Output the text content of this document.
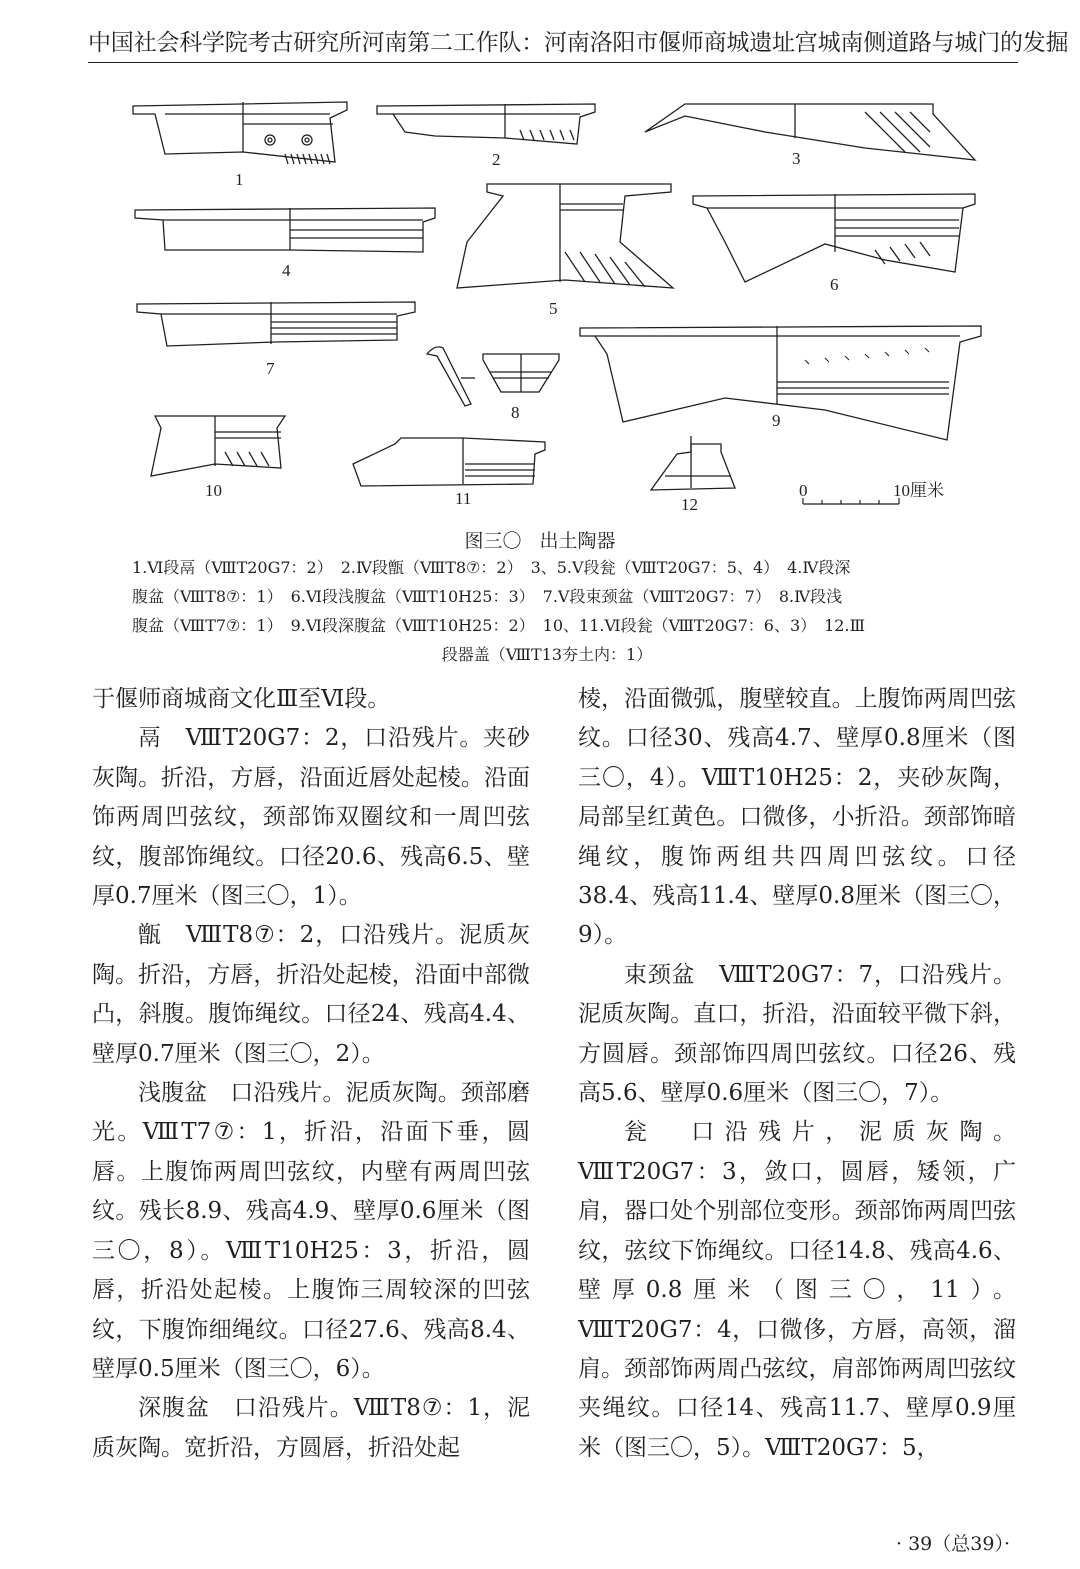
中国社会科学院考古研究所河南第二工作队：河南洛阳市偃师商城遗址宫城南侧道路与城门的发掘
1
2	3
4
5
6
7
8	9
10	11	12
0	10厘米
图三〇 出土陶器
1.Ⅵ段鬲（ⅧT20G7：2）　2.Ⅳ段甑（ⅧT8⑦：2）　3、5.Ⅴ段瓮（ⅧT20G7：5、4）　4.Ⅳ段深
腹盆（ⅧT8⑦：1）　6.Ⅵ段浅腹盆（ⅧT10H25：3）　7.Ⅴ段束颈盆（ⅧT20G7：7）　8.Ⅳ段浅
腹盆（ⅧT7⑦：1）　9.Ⅵ段深腹盆（ⅧT10H25：2）　10、11.Ⅵ段瓮（ⅧT20G7：6、3）　12.Ⅲ
段器盖（ⅧT13夯土内：1）

于偃师商城商文化Ⅲ至Ⅵ段。

鬲　ⅧT20G7：2，口沿残片。夹砂灰陶。折沿，方唇，沿面近唇处起棱。沿面饰两周凹弦纹，颈部饰双圈纹和一周凹弦纹，腹部饰绳纹。口径20.6、残高6.5、壁厚0.7厘米（图三〇，1）。

甑　ⅧT8⑦：2，口沿残片。泥质灰陶。折沿，方唇，折沿处起棱，沿面中部微凸，斜腹。腹饰绳纹。口径24、残高4.4、壁厚0.7厘米（图三〇，2）。

浅腹盆　口沿残片。泥质灰陶。颈部磨光。ⅧT7⑦：1，折沿，沿面下垂，圆唇。上腹饰两周凹弦纹，内壁有两周凹弦纹。残长8.9、残高4.9、壁厚0.6厘米（图三〇，8）。ⅧT10H25：3，折沿，圆唇，折沿处起棱。上腹饰三周较深的凹弦纹，下腹饰细绳纹。口径27.6、残高8.4、壁厚0.5厘米（图三〇，6）。

深腹盆　口沿残片。ⅧT8⑦：1，泥质灰陶。宽折沿，方圆唇，折沿处起

棱，沿面微弧，腹壁较直。上腹饰两周凹弦纹。口径30、残高4.7、壁厚0.8厘米（图三〇，4）。ⅧT10H25：2，夹砂灰陶，局部呈红黄色。口微侈，小折沿。颈部饰暗绳纹，腹饰两组共四周凹弦纹。口径38.4、残高11.4、壁厚0.8厘米（图三〇，9）。

束颈盆　ⅧT20G7：7，口沿残片。泥质灰陶。直口，折沿，沿面较平微下斜，方圆唇。颈部饰四周凹弦纹。口径26、残高5.6、壁厚0.6厘米（图三〇，7）。

瓮　口沿残片，泥质灰陶。ⅧT20G7：3，敛口，圆唇，矮领，广肩，器口处个别部位变形。颈部饰两周凹弦纹，弦纹下饰绳纹。口径14.8、残高4.6、壁厚0.8厘米（图三〇，11）。ⅧT20G7：4，口微侈，方唇，高领，溜肩。颈部饰两周凸弦纹，肩部饰两周凹弦纹夹绳纹。口径14、残高11.7、壁厚0.9厘米（图三〇，5）。ⅧT20G7：5，

· 39（总39）·
